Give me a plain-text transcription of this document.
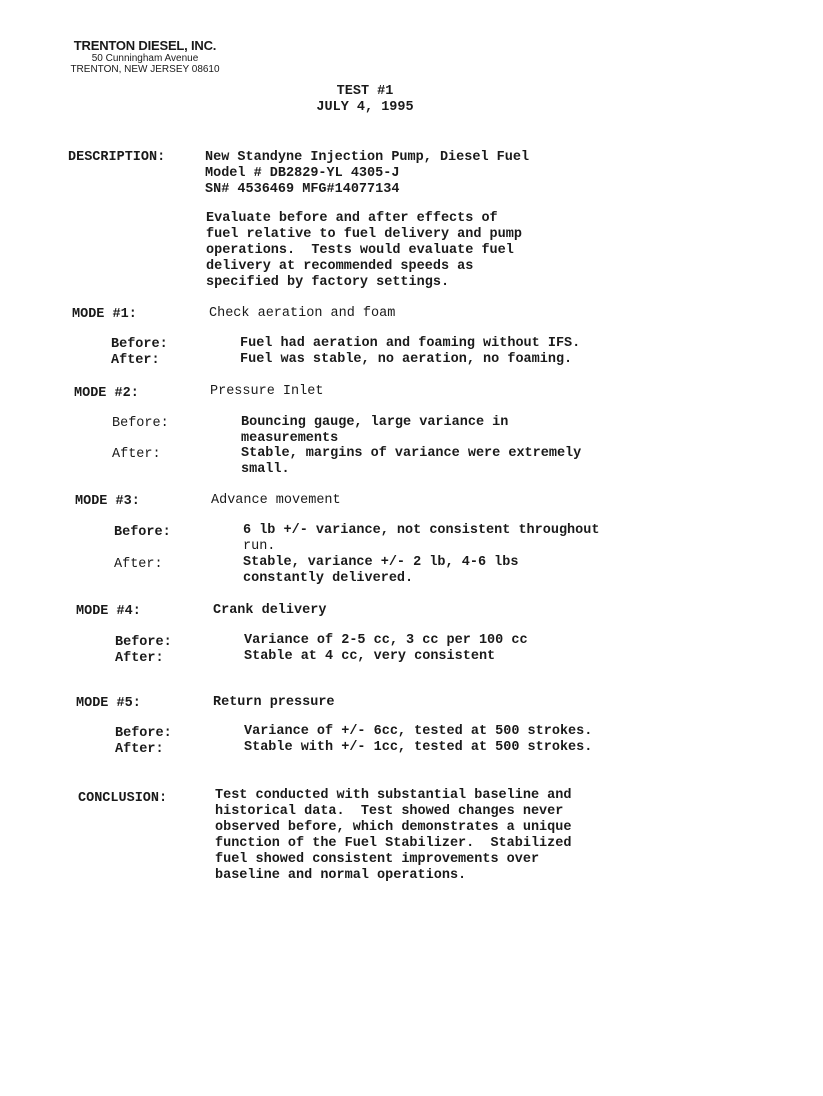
TRENTON DIESEL, INC.
50 Cunningham Avenue
TRENTON, NEW JERSEY 08610
TEST #1
JULY 4, 1995
DESCRIPTION:	New Standyne Injection Pump, Diesel Fuel
Model # DB2829-YL 4305-J
SN# 4536469 MFG#14077134
Evaluate before and after effects of
fuel relative to fuel delivery and pump
operations.  Tests would evaluate fuel
delivery at recommended speeds as
specified by factory settings.
MODE #1:	Check aeration and foam
Before:	Fuel had aeration and foaming without IFS.
After:	Fuel was stable, no aeration, no foaming.
MODE #2:	Pressure Inlet
Before:	Bouncing gauge, large variance in
measurements
After:	Stable, margins of variance were extremely
small.
MODE #3:	Advance movement
Before:	6 lb +/- variance, not consistent throughout
run.
After:	Stable, variance +/- 2 lb, 4-6 lbs
constantly delivered.
MODE #4:	Crank delivery
Before:	Variance of 2-5 cc, 3 cc per 100 cc
After:	Stable at 4 cc, very consistent
MODE #5:	Return pressure
Before:	Variance of +/- 6cc, tested at 500 strokes.
After:	Stable with +/- 1cc, tested at 500 strokes.
CONCLUSION:	Test conducted with substantial baseline and
historical data.  Test showed changes never
observed before, which demonstrates a unique
function of the Fuel Stabilizer.  Stabilized
fuel showed consistent improvements over
baseline and normal operations.
